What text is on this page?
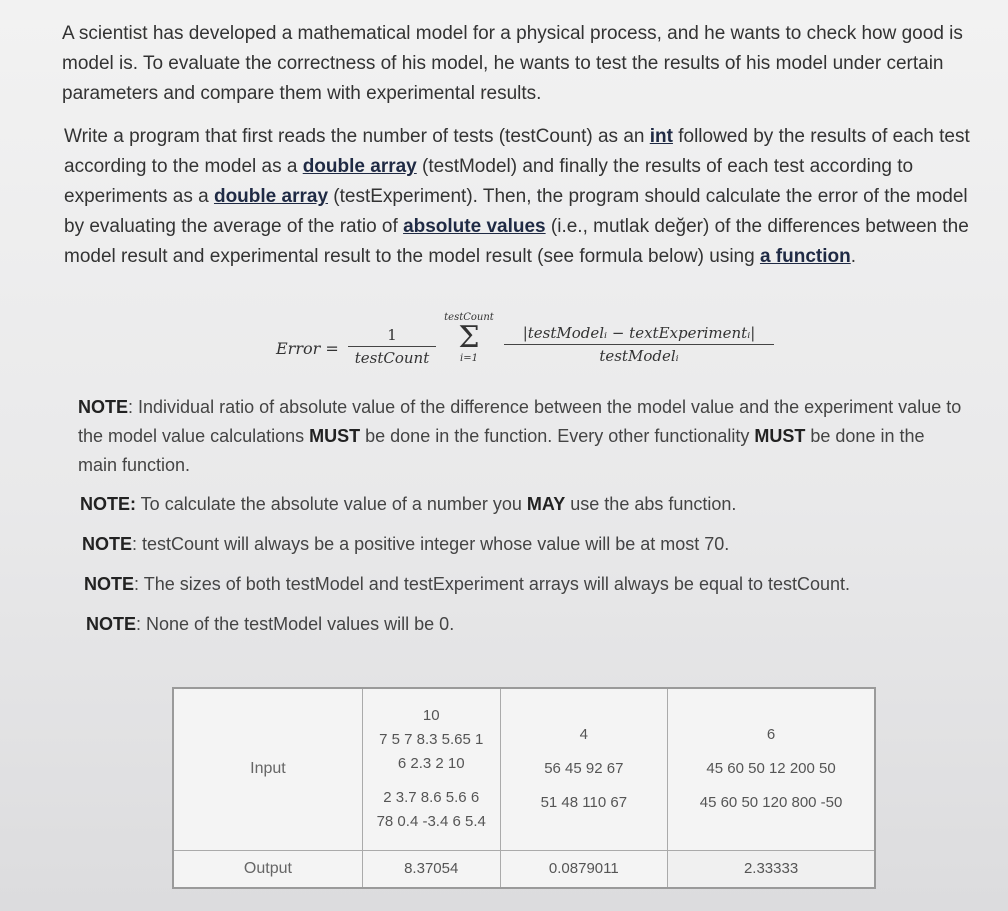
A scientist has developed a mathematical model for a physical process, and he wants to check how good is model is. To evaluate the correctness of his model, he wants to test the results of his model under certain parameters and compare them with experimental results.
Write a program that first reads the number of tests (testCount) as an int followed by the results of each test according to the model as a double array (testModel) and finally the results of each test according to experiments as a double array (testExperiment). Then, the program should calculate the error of the model by evaluating the average of the ratio of absolute values (i.e., mutlak değer) of the differences between the model result and experimental result to the model result (see formula below) using a function.
Error =
1
testCount
testCount
Σ
i=1
|testModelᵢ − textExperimentᵢ|
testModelᵢ
NOTE: Individual ratio of absolute value of the difference between the model value and the experiment value to the model value calculations MUST be done in the function. Every other functionality MUST be done in the main function.
NOTE: To calculate the absolute value of a number you MAY use the abs function.
NOTE: testCount will always be a positive integer whose value will be at most 70.
NOTE: The sizes of both testModel and testExperiment arrays will always be equal to testCount.
NOTE: None of the testModel values will be 0.
Input	10
7 5 7 8.3 5.65 1
6 2.3 2 10
2 3.7 8.6 5.6 6
78 0.4 -3.4 6 5.4	4
56 45 92 67
51 48 110 67	6
45 60 50 12 200 50
45 60 50 120 800 -50

Output	8.37054	0.0879011	2.33333
